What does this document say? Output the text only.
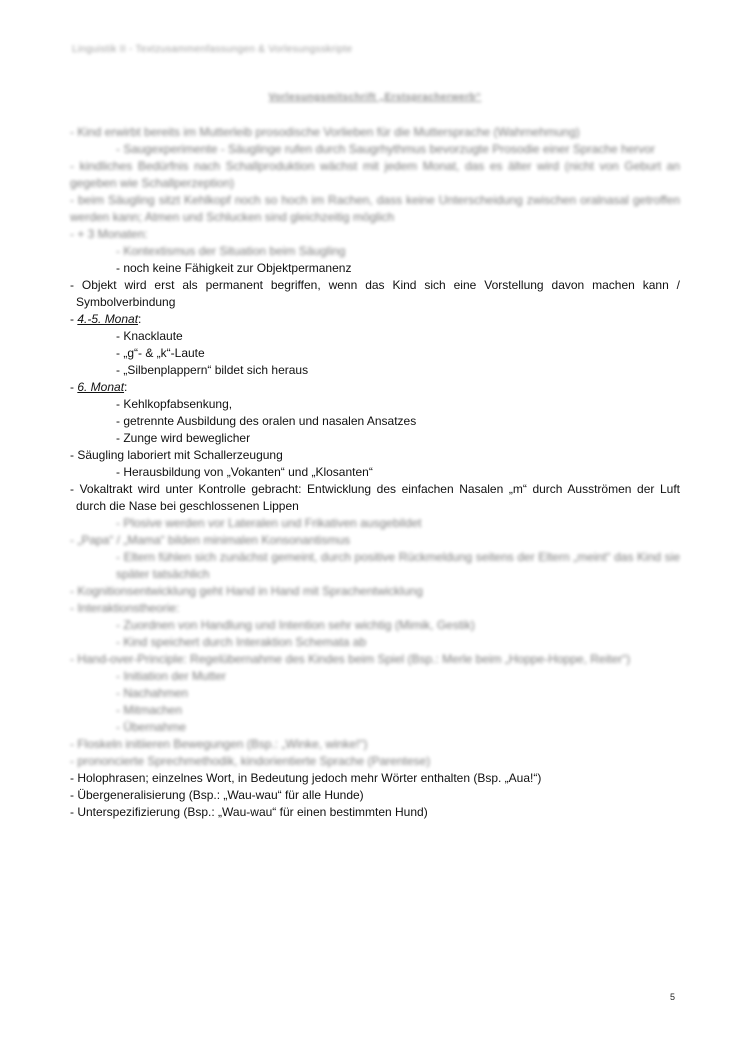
Linguistik II - Textzusammenfassungen & Vorlesungsskripte
Vorlesungsmitschrift „Erstspracherwerb“

- Kind erwirbt bereits im Mutterleib prosodische Vorlieben für die Muttersprache (Wahrnehmung)

- Saugexperimente - Säuglinge rufen durch Saugrhythmus bevorzugte Prosodie einer Sprache hervor

- kindliches Bedürfnis nach Schallproduktion wächst mit jedem Monat, das es älter wird (nicht von Geburt an gegeben wie Schallperzeption)

- beim Säugling sitzt Kehlkopf noch so hoch im Rachen, dass keine Unterscheidung zwischen oralnasal getroffen werden kann; Atmen und Schlucken sind gleichzeitig möglich

- + 3 Monaten:

- Kontextismus der Situation beim Säugling

- noch keine Fähigkeit zur Objektpermanenz

- Objekt wird erst als permanent begriffen, wenn das Kind sich eine Vorstellung davon machen kann / Symbolverbindung

- 4.-5. Monat:

- Knacklaute

- „g“- & „k“-Laute

- „Silbenplappern“ bildet sich heraus

- 6. Monat:

- Kehlkopfabsenkung,

- getrennte Ausbildung des oralen und nasalen Ansatzes

- Zunge wird beweglicher

- Säugling laboriert mit Schallerzeugung

- Herausbildung von „Vokanten“ und „Klosanten“

- Vokaltrakt wird unter Kontrolle gebracht: Entwicklung des einfachen Nasalen „m“ durch Ausströmen der Luft durch die Nase bei geschlossenen Lippen

- Plosive werden vor Lateralen und Frikativen ausgebildet

- „Papa“ / „Mama“ bilden minimalen Konsonantismus

- Eltern fühlen sich zunächst gemeint, durch positive Rückmeldung seitens der Eltern „meint“ das Kind sie später tatsächlich

- Kognitionsentwicklung geht Hand in Hand mit Sprachentwicklung

- Interaktionstheorie:

- Zuordnen von Handlung und Intention sehr wichtig (Mimik, Gestik)

- Kind speichert durch Interaktion Schemata ab

- Hand-over-Principle: Regelübernahme des Kindes beim Spiel (Bsp.: Merle beim „Hoppe-Hoppe, Reiter“)

- Initiation der Mutter

- Nachahmen

- Mitmachen

- Übernahme

- Floskeln initiieren Bewegungen (Bsp.: „Winke, winke!“)

- prononcierte Sprechmethodik, kindorientierte Sprache (Parentese)

- Holophrasen; einzelnes Wort, in Bedeutung jedoch mehr Wörter enthalten (Bsp. „Aua!“)

- Übergeneralisierung (Bsp.: „Wau-wau“ für alle Hunde)

- Unterspezifizierung (Bsp.: „Wau-wau“ für einen bestimmten Hund)

5
